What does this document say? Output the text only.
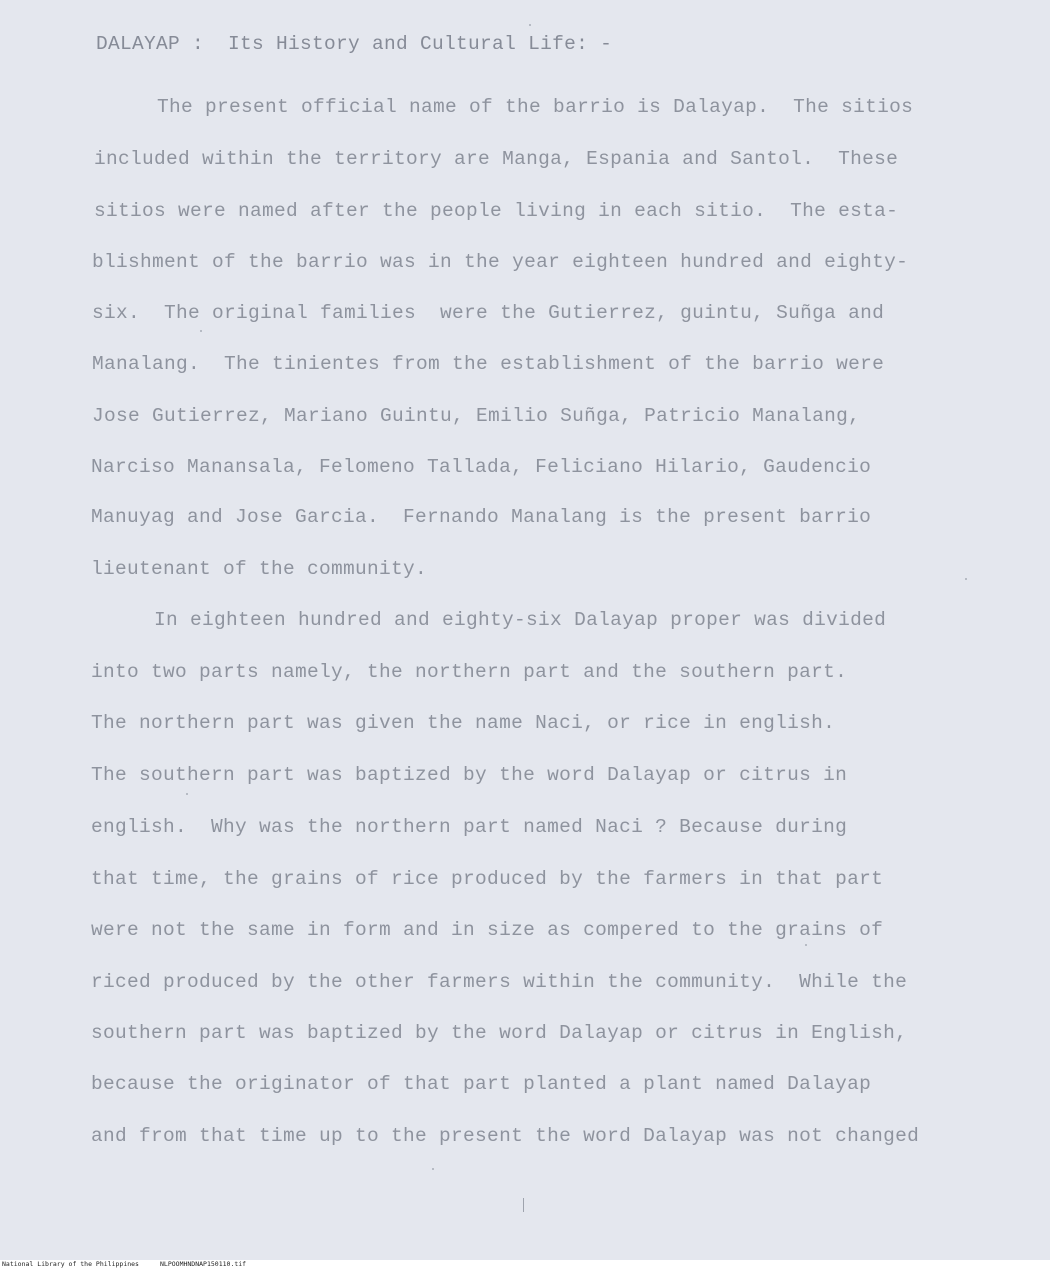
DALAYAP :  Its History and Cultural Life: -

The present official name of the barrio is Dalayap.  The sitios

included within the territory are Manga, Espania and Santol.  These

sitios were named after the people living in each sitio.  The esta-

blishment of the barrio was in the year eighteen hundred and eighty-

six.  The original families  were the Gutierrez, guintu, Suñga and

Manalang.  The tinientes from the establishment of the barrio were

Jose Gutierrez, Mariano Guintu, Emilio Suñga, Patricio Manalang,

Narciso Manansala, Felomeno Tallada, Feliciano Hilario, Gaudencio

Manuyag and Jose Garcia.  Fernando Manalang is the present barrio

lieutenant of the community.

In eighteen hundred and eighty-six Dalayap proper was divided

into two parts namely, the northern part and the southern part.

The northern part was given the name Naci, or rice in english.

The southern part was baptized by the word Dalayap or citrus in

english.  Why was the northern part named Naci ? Because during

that time, the grains of rice produced by the farmers in that part

were not the same in form and in size as compered to the grains of

riced produced by the other farmers within the community.  While the

southern part was baptized by the word Dalayap or citrus in English,

because the originator of that part planted a plant named Dalayap

and from that time up to the present the word Dalayap was not changed

National Library of the Philippines	NLPOOMHNDNAP150110.tif
